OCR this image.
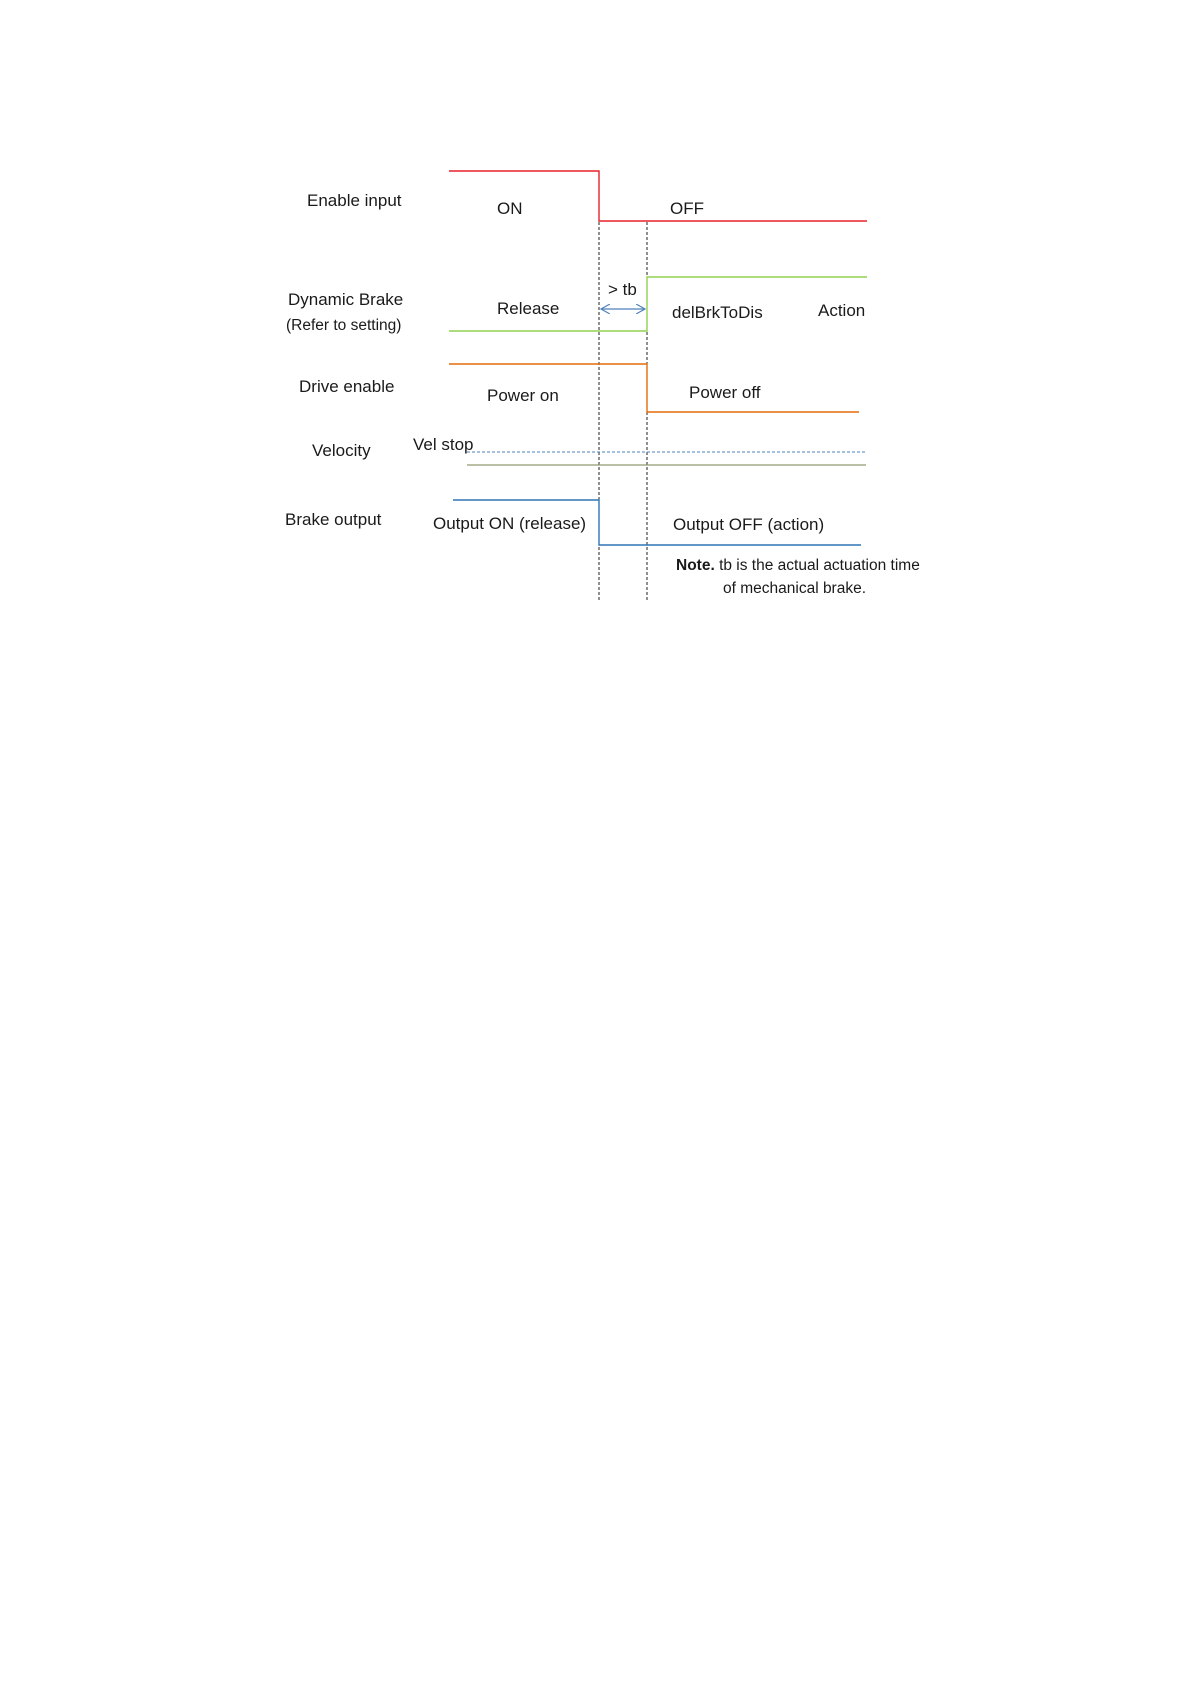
Enable input	ON	OFF
Dynamic Brake
(Refer to setting)
Release	delBrkToDis	Action
> tb
Drive enable	Power on	Power off
Velocity Vel stop
Brake output	Output ON (release)	Output OFF (action)
Note. tb is the actual actuation time
of mechanical brake.
